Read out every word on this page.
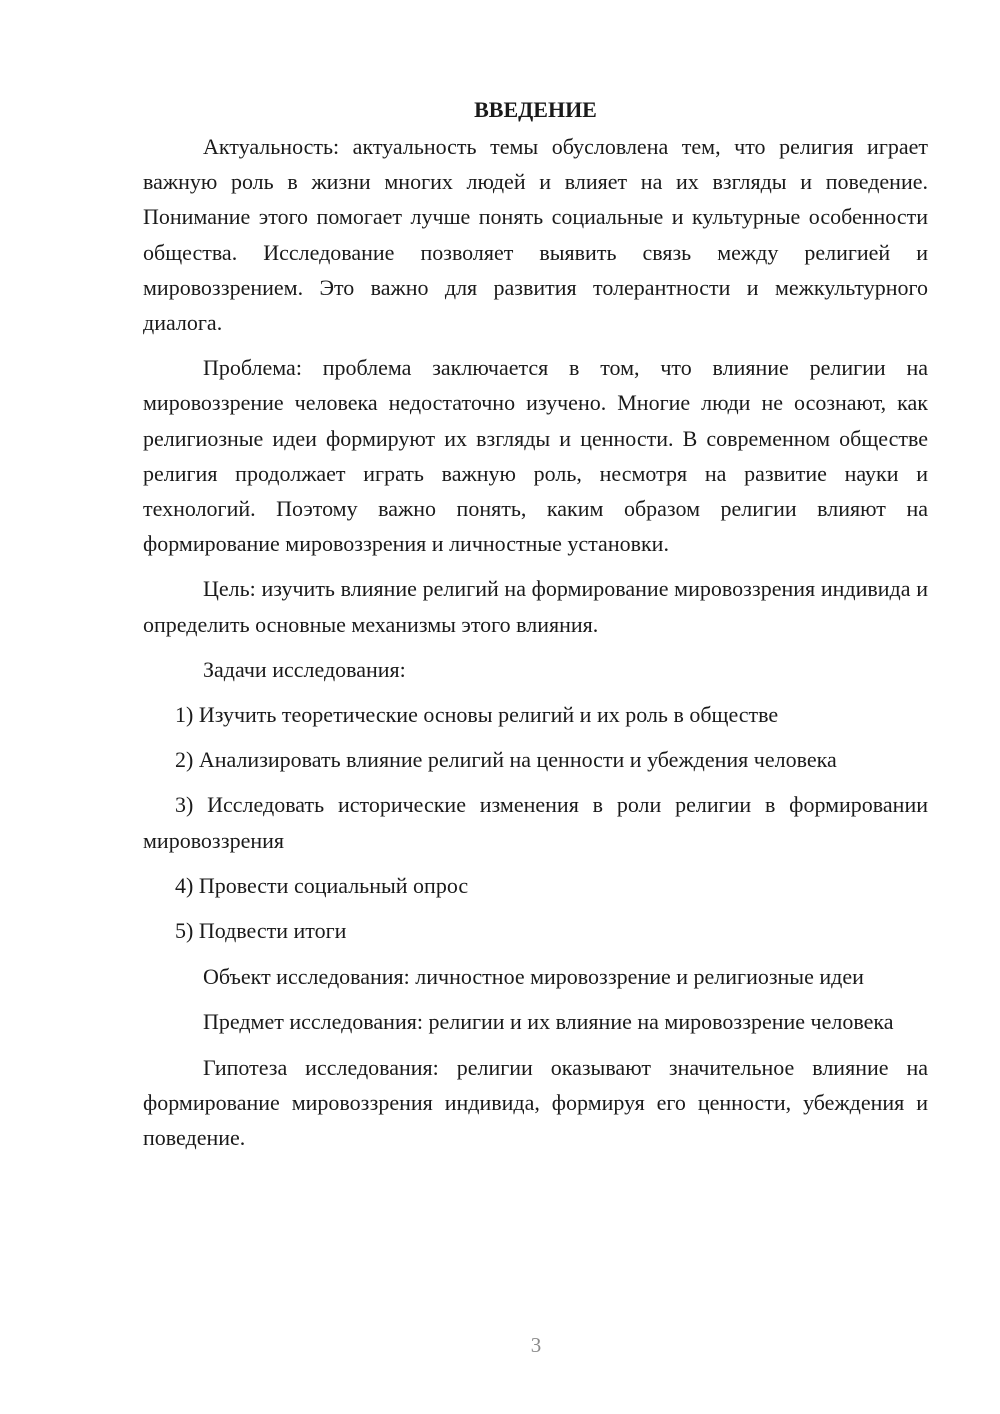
ВВЕДЕНИЕ

Актуальность: актуальность темы обусловлена тем, что религия играет важную роль в жизни многих людей и влияет на их взгляды и поведение. Понимание этого помогает лучше понять социальные и культурные особенности общества. Исследование позволяет выявить связь между религией и мировоззрением. Это важно для развития толерантности и межкультурного диалога.

Проблема: проблема заключается в том, что влияние религии на мировоззрение человека недостаточно изучено. Многие люди не осознают, как религиозные идеи формируют их взгляды и ценности. В современном обществе религия продолжает играть важную роль, несмотря на развитие науки и технологий. Поэтому важно понять, каким образом религии влияют на формирование мировоззрения и личностные установки.

Цель: изучить влияние религий на формирование мировоззрения индивида и определить основные механизмы этого влияния.

Задачи исследования:

1) Изучить теоретические основы религий и их роль в обществе

2) Анализировать влияние религий на ценности и убеждения человека

3) Исследовать исторические изменения в роли религии в формировании мировоззрения

4) Провести социальный опрос

5) Подвести итоги

Объект исследования: личностное мировоззрение и религиозные идеи

Предмет исследования: религии и их влияние на мировоззрение человека

Гипотеза исследования: религии оказывают значительное влияние на формирование мировоззрения индивида, формируя его ценности, убеждения и поведение.

3
